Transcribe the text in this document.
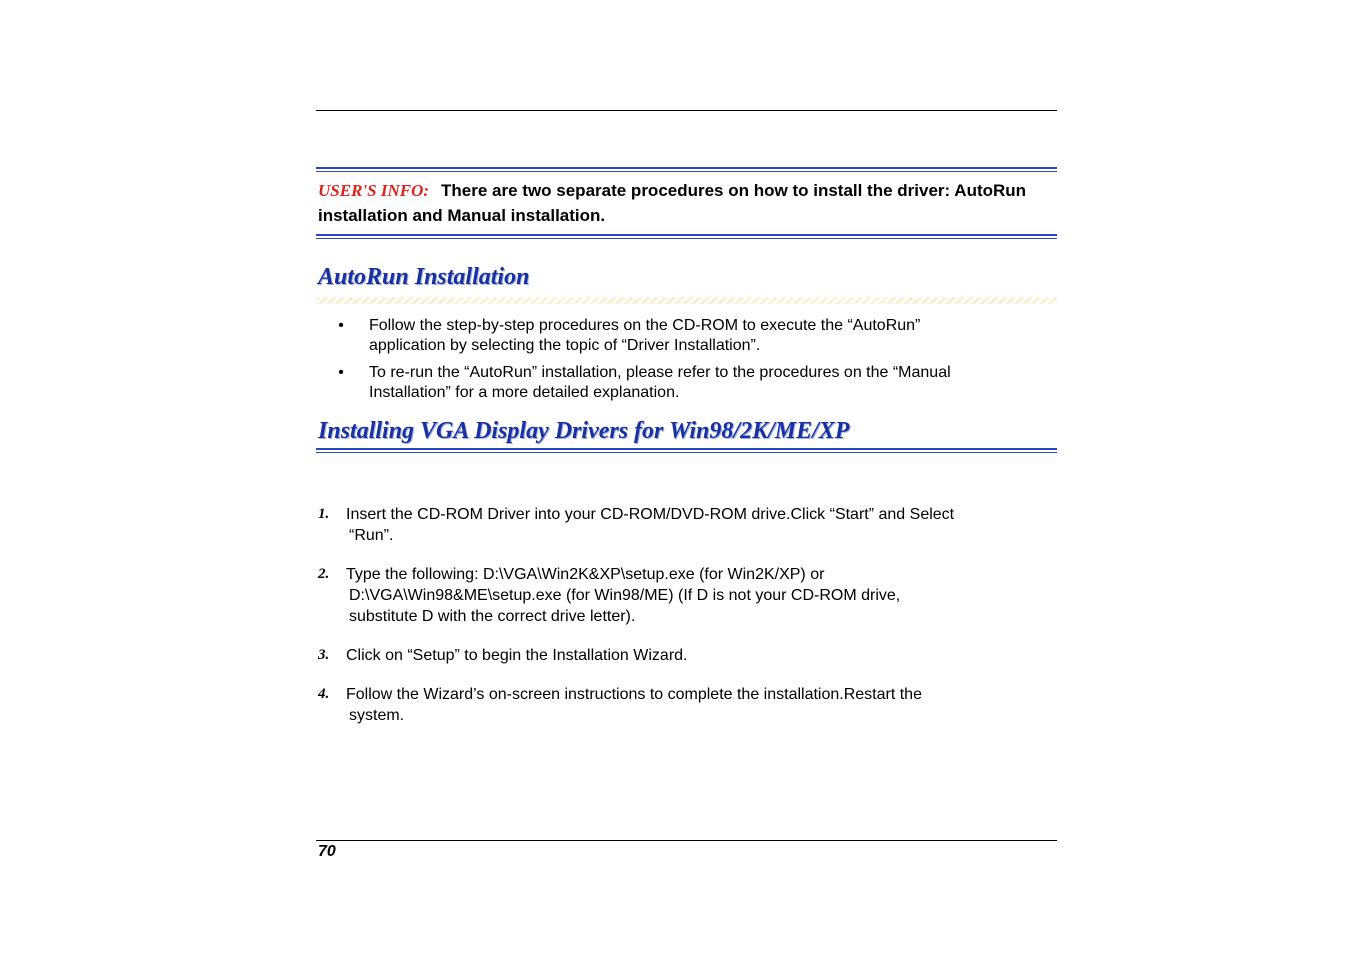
USER'S INFO: There are two separate procedures on how to install the driver: AutoRun installation and Manual installation.
AutoRun Installation
• Follow the step-by-step procedures on the CD-ROM to execute the “AutoRun”
application by selecting the topic of “Driver Installation”.
• To re-run the “AutoRun” installation, please refer to the procedures on the “Manual
Installation” for a more detailed explanation.
Installing VGA Display Drivers for Win98/2K/ME/XP
1. Insert the CD-ROM Driver into your CD-ROM/DVD-ROM drive.Click “Start” and Select
“Run”.
2. Type the following: D:\VGA\Win2K&XP\setup.exe (for Win2K/XP) or
D:\VGA\Win98&ME\setup.exe (for Win98/ME) (If D is not your CD-ROM drive,
substitute D with the correct drive letter).
3. Click on “Setup” to begin the Installation Wizard.
4. Follow the Wizard’s on-screen instructions to complete the installation.Restart the
system.
70
